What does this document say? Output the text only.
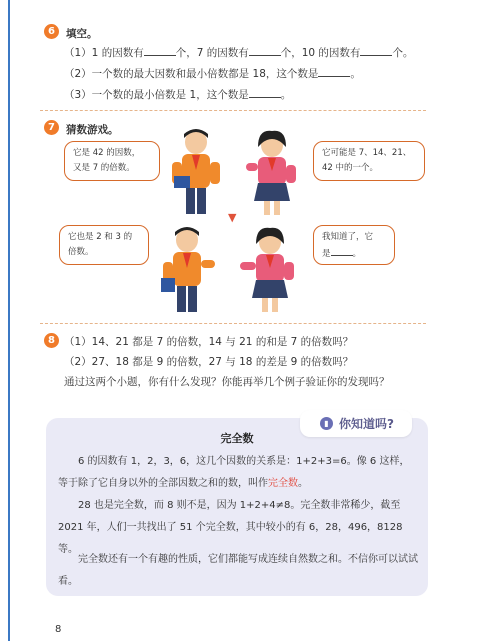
6 填空。
（1）1 的因数有	个，7 的因数有	个，10 的因数有	个。
（2）一个数的最大因数和最小倍数都是 18，这个数是	。
（3）一个数的最小倍数是 1，这个数是	。
7 猜数游戏。
它是 42 的因数，
又是 7 的倍数。
它可能是 7、14、21、
42 中的一个。
它也是 2 和 3 的
倍数。
我知道了，它
是	。
▼
8 （1）14、21 都是 7 的倍数，14 与 21 的和是 7 的倍数吗？
（2）27、18 都是 9 的倍数，27 与 18 的差是 9 的倍数吗？
通过这两个小题，你有什么发现？你能再举几个例子验证你的发现吗？
▮ 你知道吗?
完全数
6 的因数有 1，2，3，6，这几个因数的关系是：1+2+3=6。像 6 这样，等于除了它自身以外的全部因数之和的数，叫作完全数。
28 也是完全数，而 8 则不是，因为 1+2+4≠8。完全数非常稀少，截至 2021 年，人们一共找出了 51 个完全数，其中较小的有 6，28，496，8128 等。
完全数还有一个有趣的性质，它们都能写成连续自然数之和。不信你可以试试看。
8
